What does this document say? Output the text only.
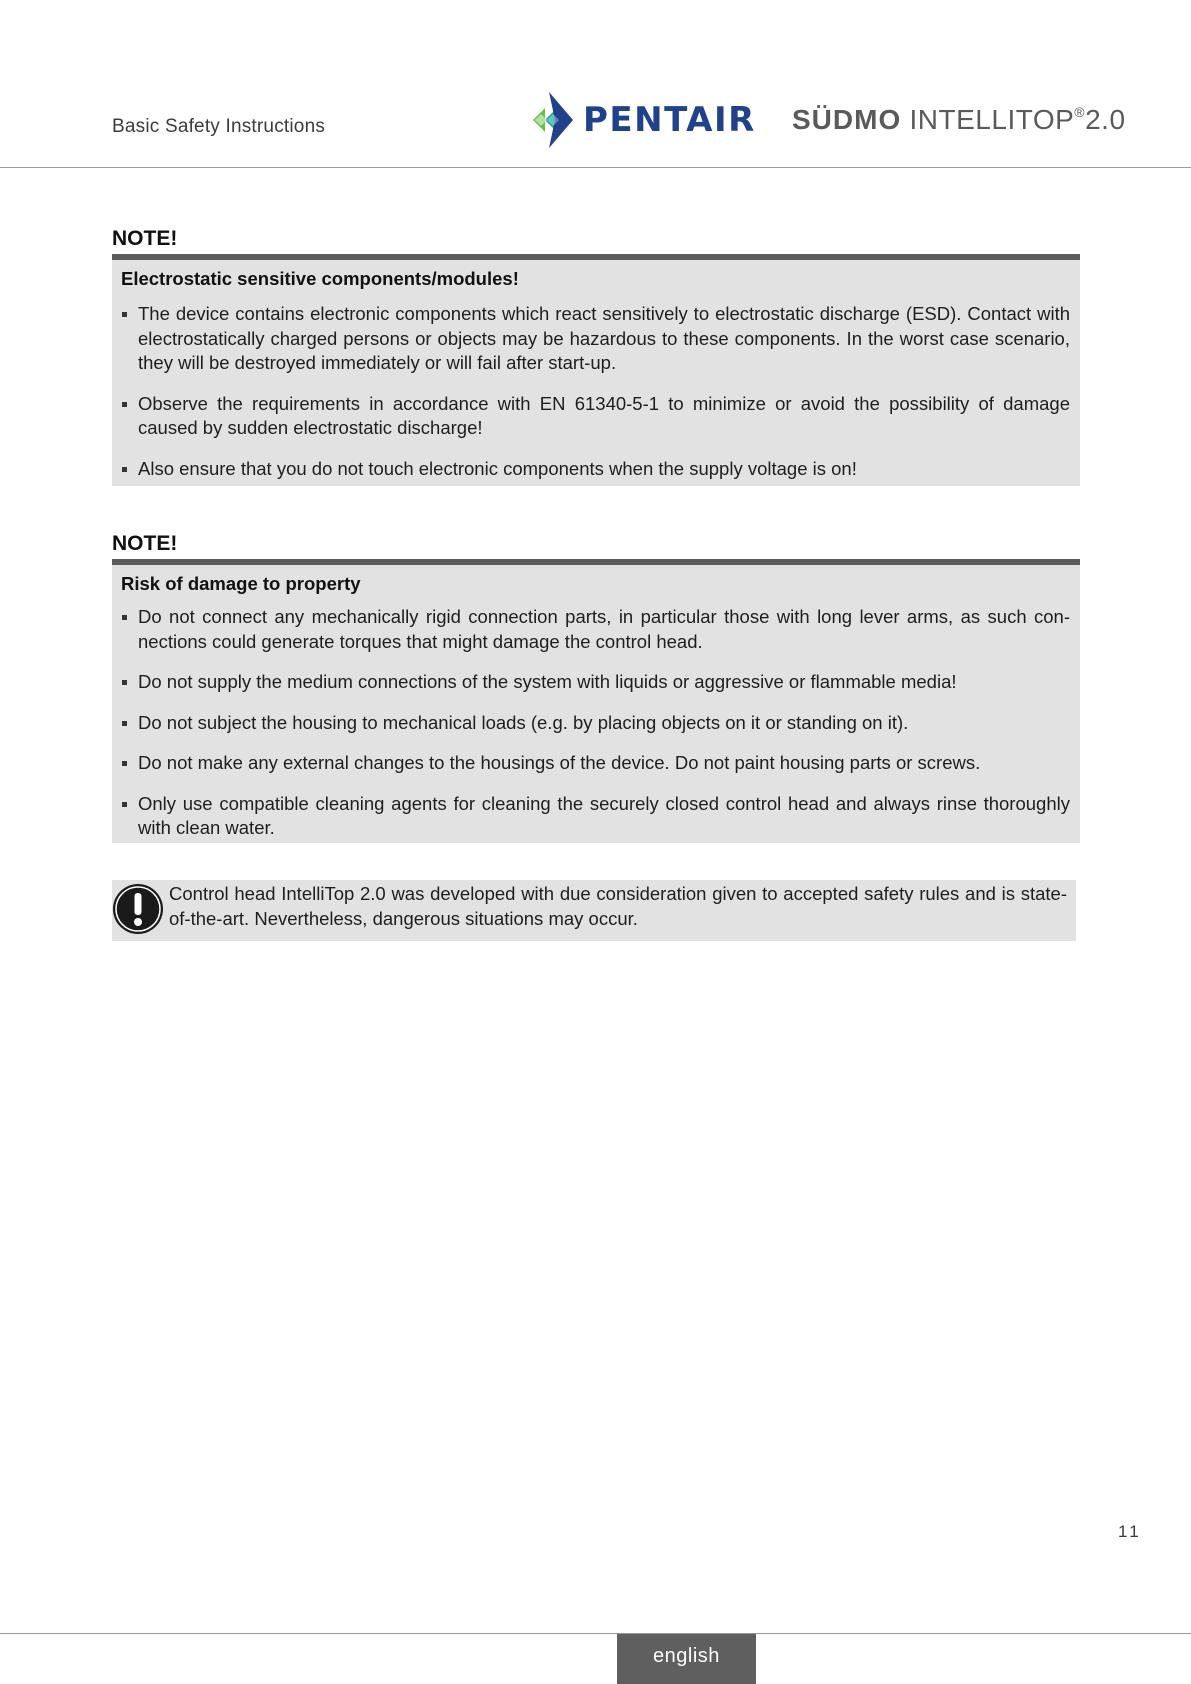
Basic Safety Instructions	PENTAIR SÜDMO INTELLITOP®2.0
NOTE!
Electrostatic sensitive components/modules!
The device contains electronic components which react sensitively to electrostatic discharge (ESD). Contact with electrostatically charged persons or objects may be hazardous to these components. In the worst case scenario, they will be destroyed immediately or will fail after start-up.
Observe the requirements in accordance with EN 61340-5-1 to minimize or avoid the possibility of damage caused by sudden electrostatic discharge!
Also ensure that you do not touch electronic components when the supply voltage is on!
NOTE!
Risk of damage to property
Do not connect any mechanically rigid connection parts, in particular those with long lever arms, as such con-nections could generate torques that might damage the control head.
Do not supply the medium connections of the system with liquids or aggressive or flammable media!
Do not subject the housing to mechanical loads (e.g. by placing objects on it or standing on it).
Do not make any external changes to the housings of the device. Do not paint housing parts or screws.
Only use compatible cleaning agents for cleaning the securely closed control head and always rinse thoroughly with clean water.
Control head IntelliTop 2.0 was developed with due consideration given to accepted safety rules and is state-of-the-art. Nevertheless, dangerous situations may occur.
11
english
